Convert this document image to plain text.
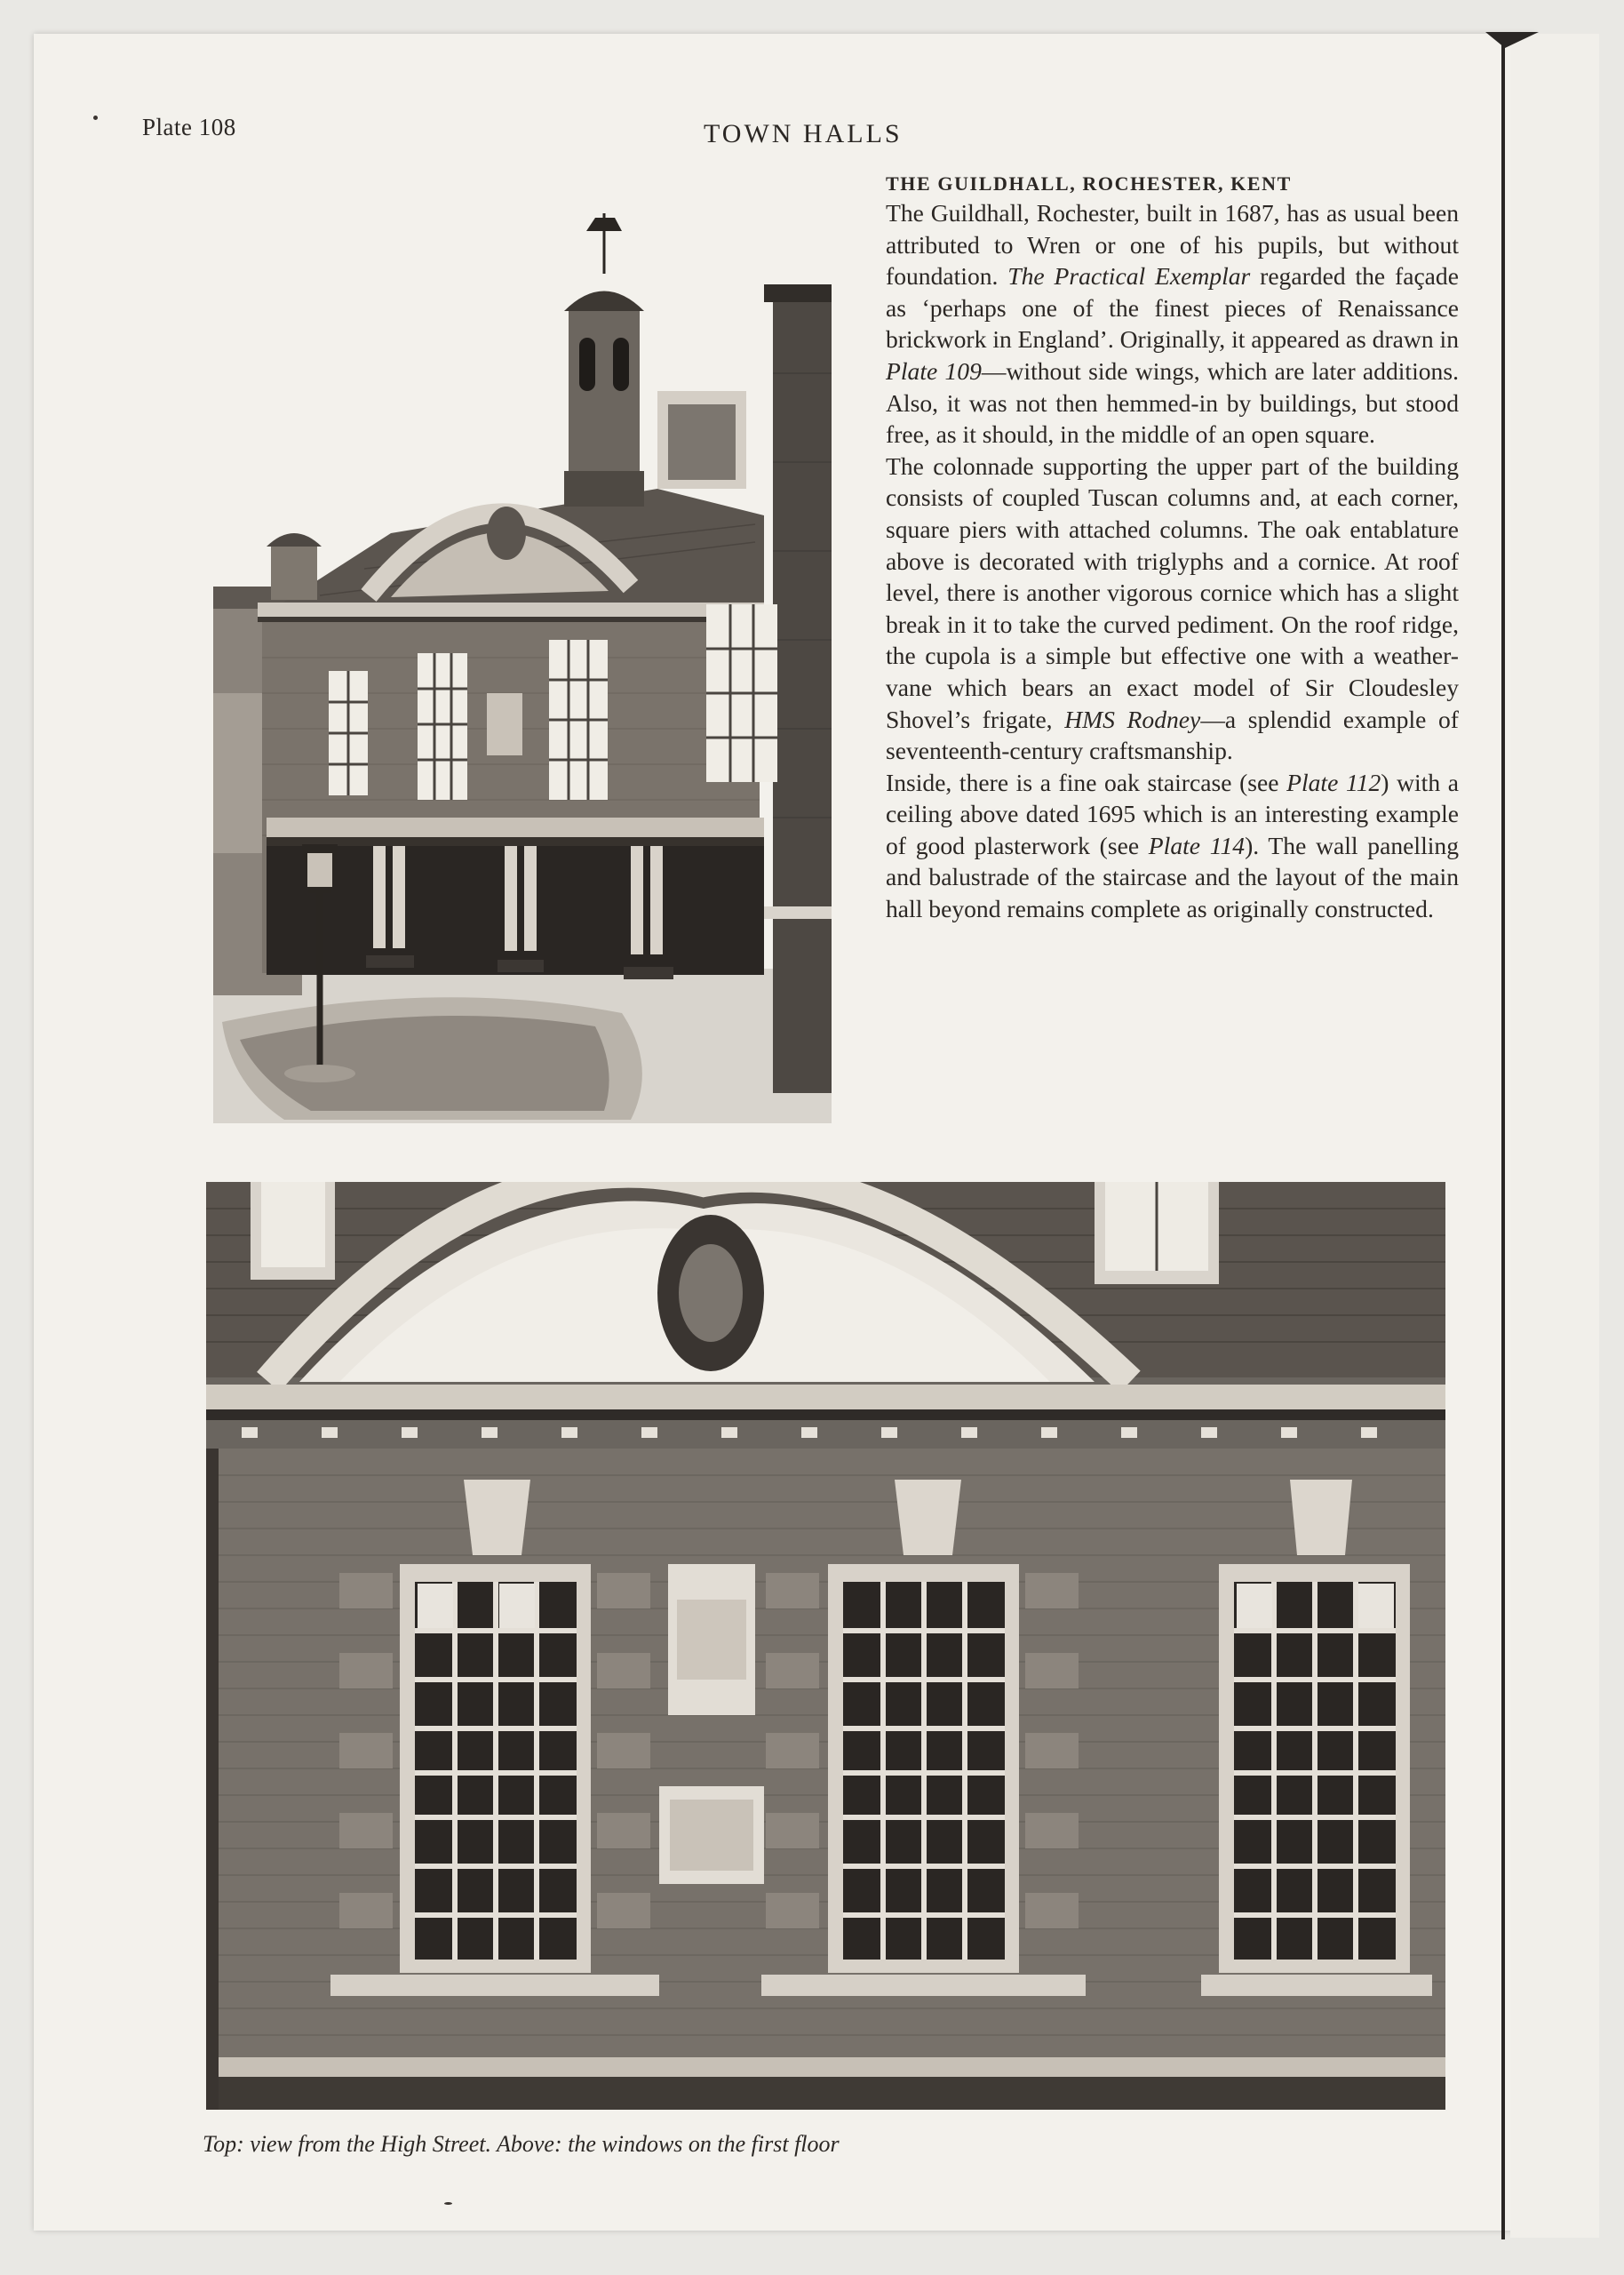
Plate 108	TOWN HALLS
THE GUILDHALL, ROCHESTER, KENT

The Guildhall, Rochester, built in 1687, has as usual been attributed to Wren or one of his pupils, but without foundation. The Practical Exemplar regarded the façade as ‘perhaps one of the finest pieces of Renaissance brickwork in England’. Originally, it appeared as drawn in Plate 109—without side wings, which are later additions. Also, it was not then hemmed-in by buildings, but stood free, as it should, in the middle of an open square.

The colonnade supporting the upper part of the building consists of coupled Tuscan columns and, at each corner, square piers with attached columns. The oak entablature above is decorated with triglyphs and a cornice. At roof level, there is another vigorous cornice which has a slight break in it to take the curved pediment. On the roof ridge, the cupola is a simple but effective one with a weather-vane which bears an exact model of Sir Cloudesley Shovel’s frigate, HMS Rodney—a splendid example of seventeenth-century craftsmanship.

Inside, there is a fine oak staircase (see Plate 112) with a ceiling above dated 1695 which is an interesting example of good plasterwork (see Plate 114). The wall panelling and balustrade of the staircase and the layout of the main hall beyond remains complete as originally constructed.

Top: view from the High Street. Above: the windows on the first floor
